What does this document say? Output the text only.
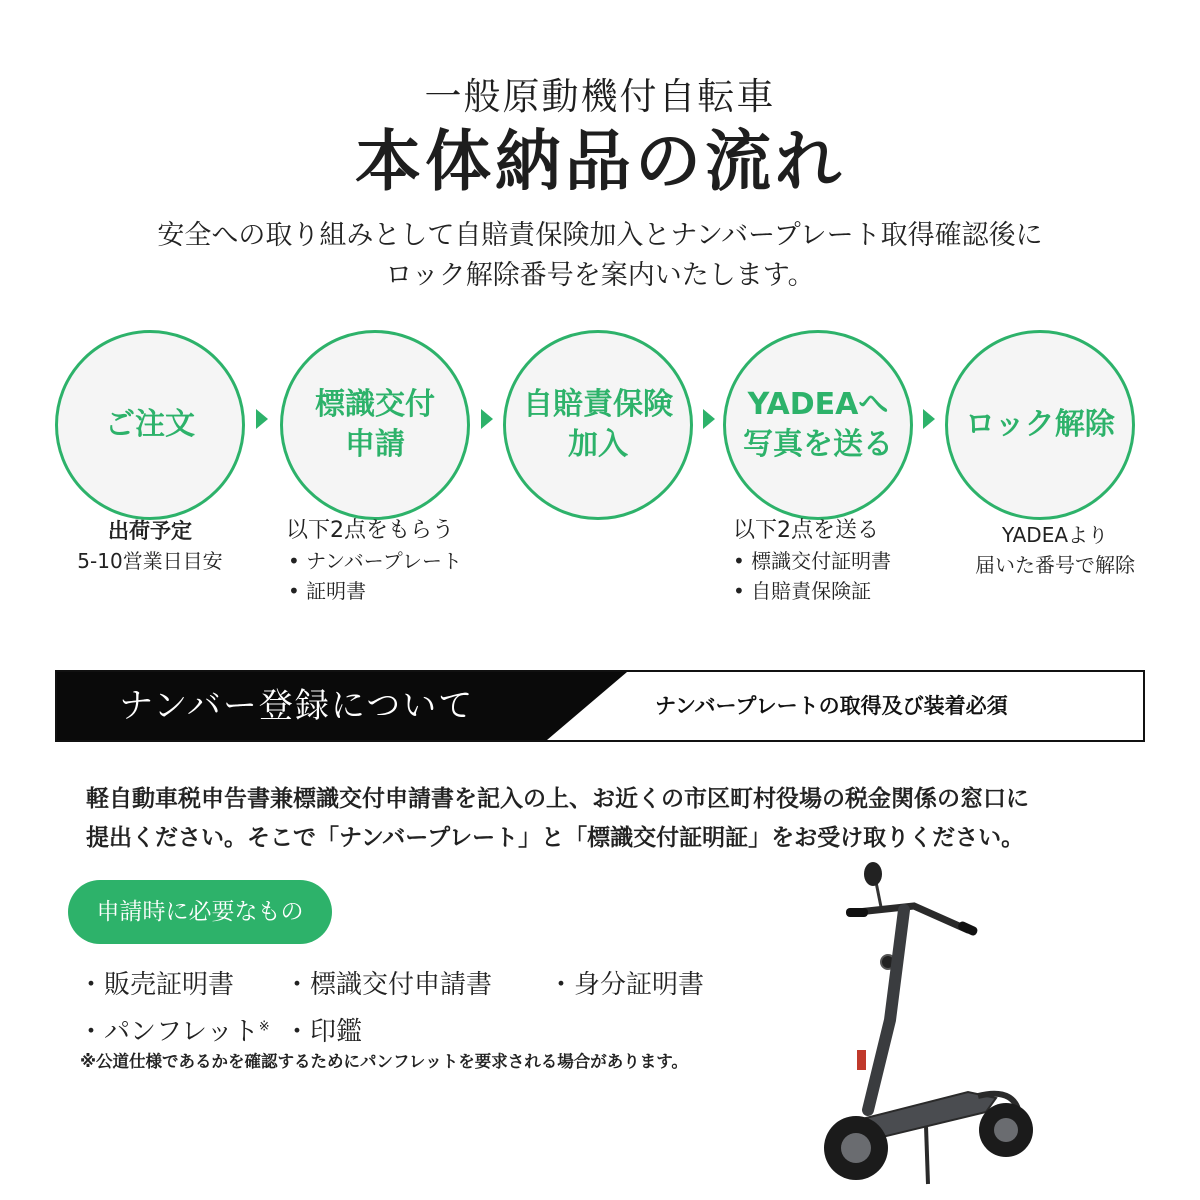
一般原動機付自転車
本体納品の流れ
安全への取り組みとして自賠責保険加入とナンバープレート取得確認後に
ロック解除番号を案内いたします。
ご注文
標識交付
申請
自賠責保険
加入
YADEAへ
写真を送る
ロック解除
出荷予定
5-10営業日目安
以下2点をもらう
• ナンバープレート
• 証明書
以下2点を送る
• 標識交付証明書
• 自賠責保険証
YADEAより
届いた番号で解除
ナンバー登録について	ナンバープレートの取得及び装着必須
軽自動車税申告書兼標識交付申請書を記入の上、お近くの市区町村役場の税金関係の窓口に
提出ください。そこで「ナンバープレート」と「標識交付証明証」をお受け取りください。
申請時に必要なもの
・販売証明書 ・標識交付申請書 ・身分証明書
・パンフレット※ ・印鑑
※公道仕様であるかを確認するためにパンフレットを要求される場合があります。
